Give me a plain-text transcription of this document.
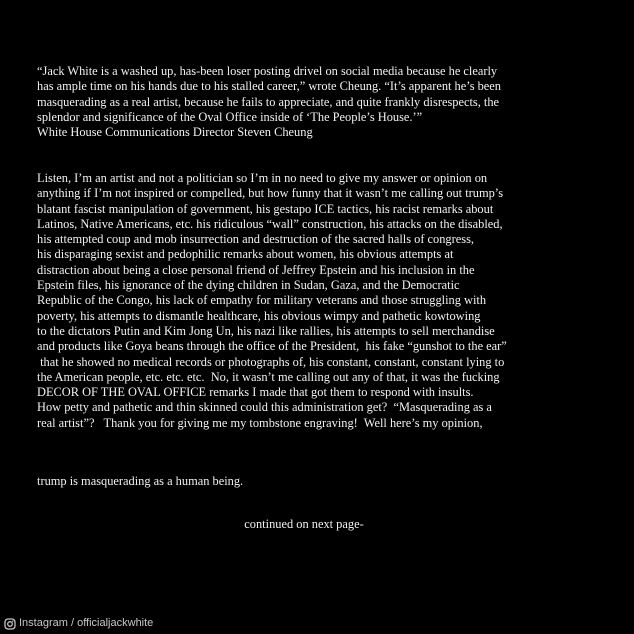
“Jack White is a washed up, has-been loser posting drivel on social media because he clearly
has ample time on his hands due to his stalled career,” wrote Cheung. “It’s apparent he’s been
masquerading as a real artist, because he fails to appreciate, and quite frankly disrespects, the
splendor and significance of the Oval Office inside of ‘The People’s House.’”
White House Communications Director Steven Cheung
Listen, I’m an artist and not a politician so I’m in no need to give my answer or opinion on
anything if I’m not inspired or compelled, but how funny that it wasn’t me calling out trump’s
blatant fascist manipulation of government, his gestapo ICE tactics, his racist remarks about
Latinos, Native Americans, etc. his ridiculous “wall” construction, his attacks on the disabled,
his attempted coup and mob insurrection and destruction of the sacred halls of congress,
his disparaging sexist and pedophilic remarks about women, his obvious attempts at
distraction about being a close personal friend of Jeffrey Epstein and his inclusion in the
Epstein files, his ignorance of the dying children in Sudan, Gaza, and the Democratic
Republic of the Congo, his lack of empathy for military veterans and those struggling with
poverty, his attempts to dismantle healthcare, his obvious wimpy and pathetic kowtowing
to the dictators Putin and Kim Jong Un, his nazi like rallies, his attempts to sell merchandise
and products like Goya beans through the office of the President,  his fake “gunshot to the ear”
that he showed no medical records or photographs of, his constant, constant, constant lying to
the American people, etc. etc. etc.  No, it wasn’t me calling out any of that, it was the fucking
DECOR OF THE OVAL OFFICE remarks I made that got them to respond with insults.
How petty and pathetic and thin skinned could this administration get?  “Masquerading as a
real artist”?   Thank you for giving me my tombstone engraving!  Well here’s my opinion,
trump is masquerading as a human being.
continued on next page-
Instagram / officialjackwhite
